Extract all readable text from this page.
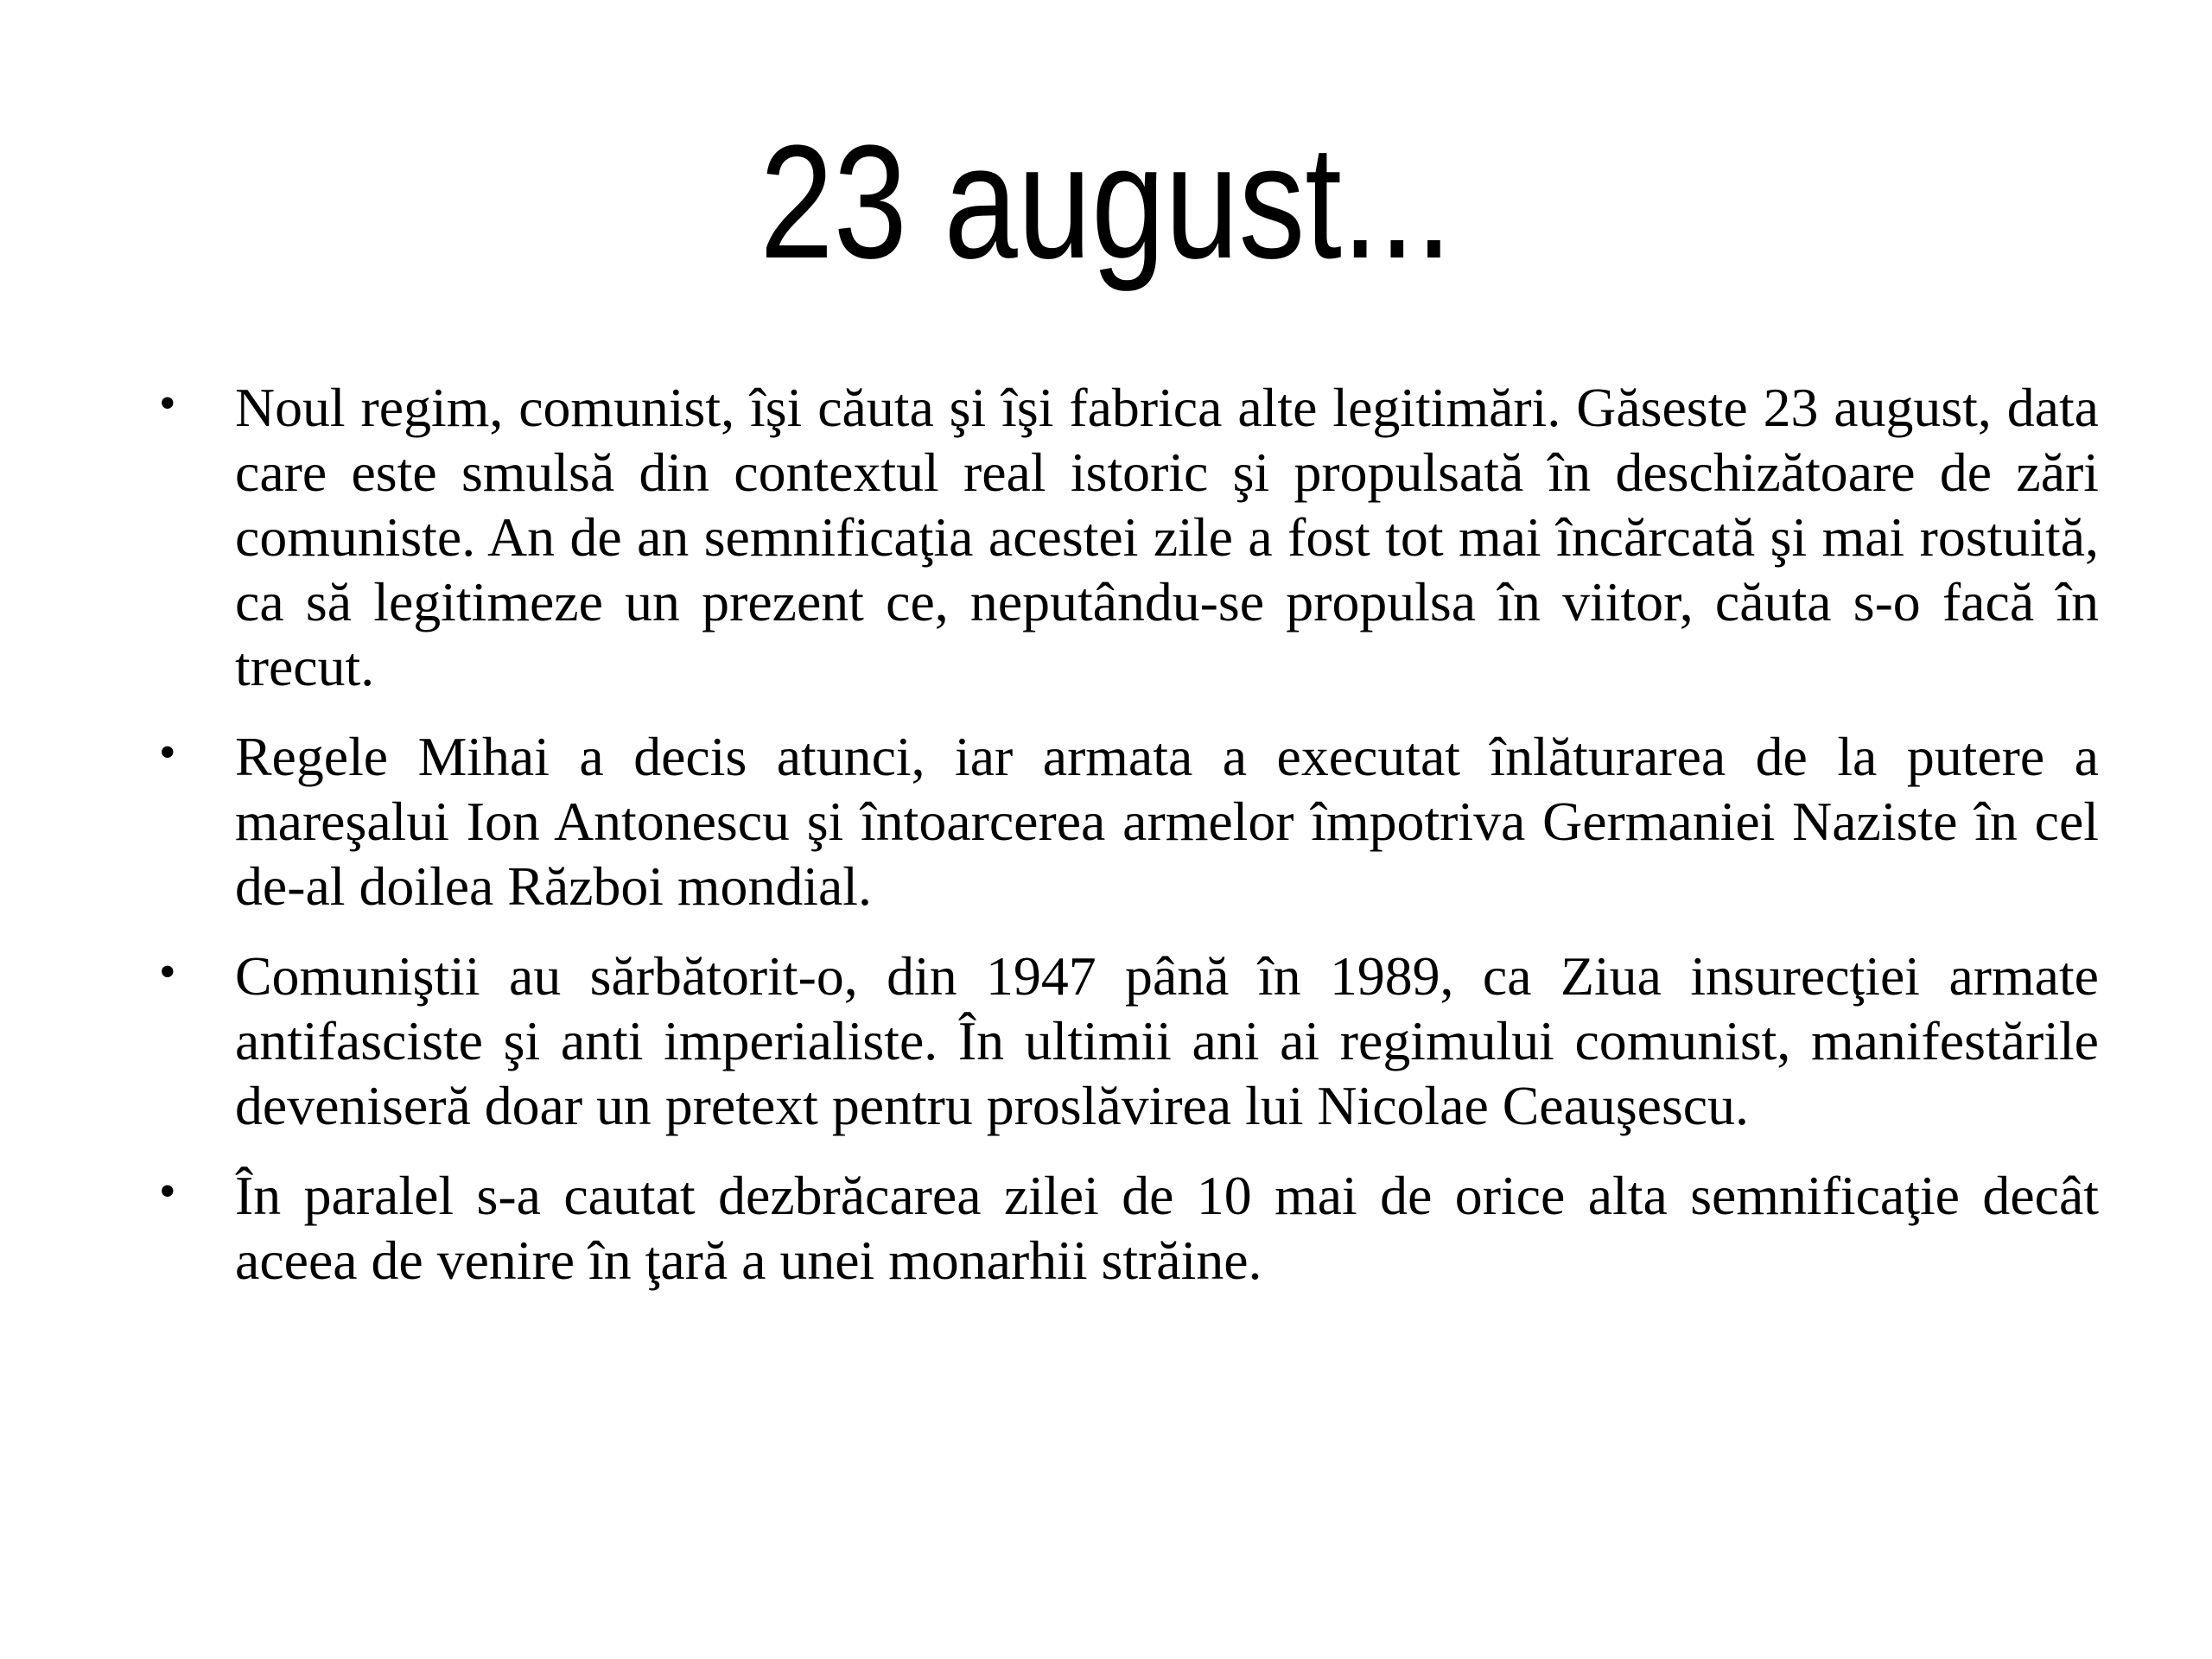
23 august...
• Noul regim, comunist, îşi căuta şi îşi fabrica alte legitimări. Găseste 23 august, data care este smulsă din contextul real istoric şi propulsată în deschizătoare de zări comuniste. An de an semnificaţia acestei zile a fost tot mai încărcată şi mai rostuită, ca să legitimeze un prezent ce, neputându-se propulsa în viitor, căuta s-o facă în trecut.
• Regele Mihai a decis atunci, iar armata a executat înlăturarea de la putere a mareşalui Ion Antonescu şi întoarcerea armelor împotriva Germaniei Naziste în cel de-al doilea Război mondial.
• Comuniştii au sărbătorit-o, din 1947 până în 1989, ca Ziua insurecţiei armate antifasciste şi anti imperialiste. În ultimii ani ai regimului comunist, manifestările deveniseră doar un pretext pentru proslăvirea lui Nicolae Ceauşescu.
• În paralel s-a cautat dezbrăcarea zilei de 10 mai de orice alta semnificaţie decât aceea de venire în ţară a unei monarhii străine.
